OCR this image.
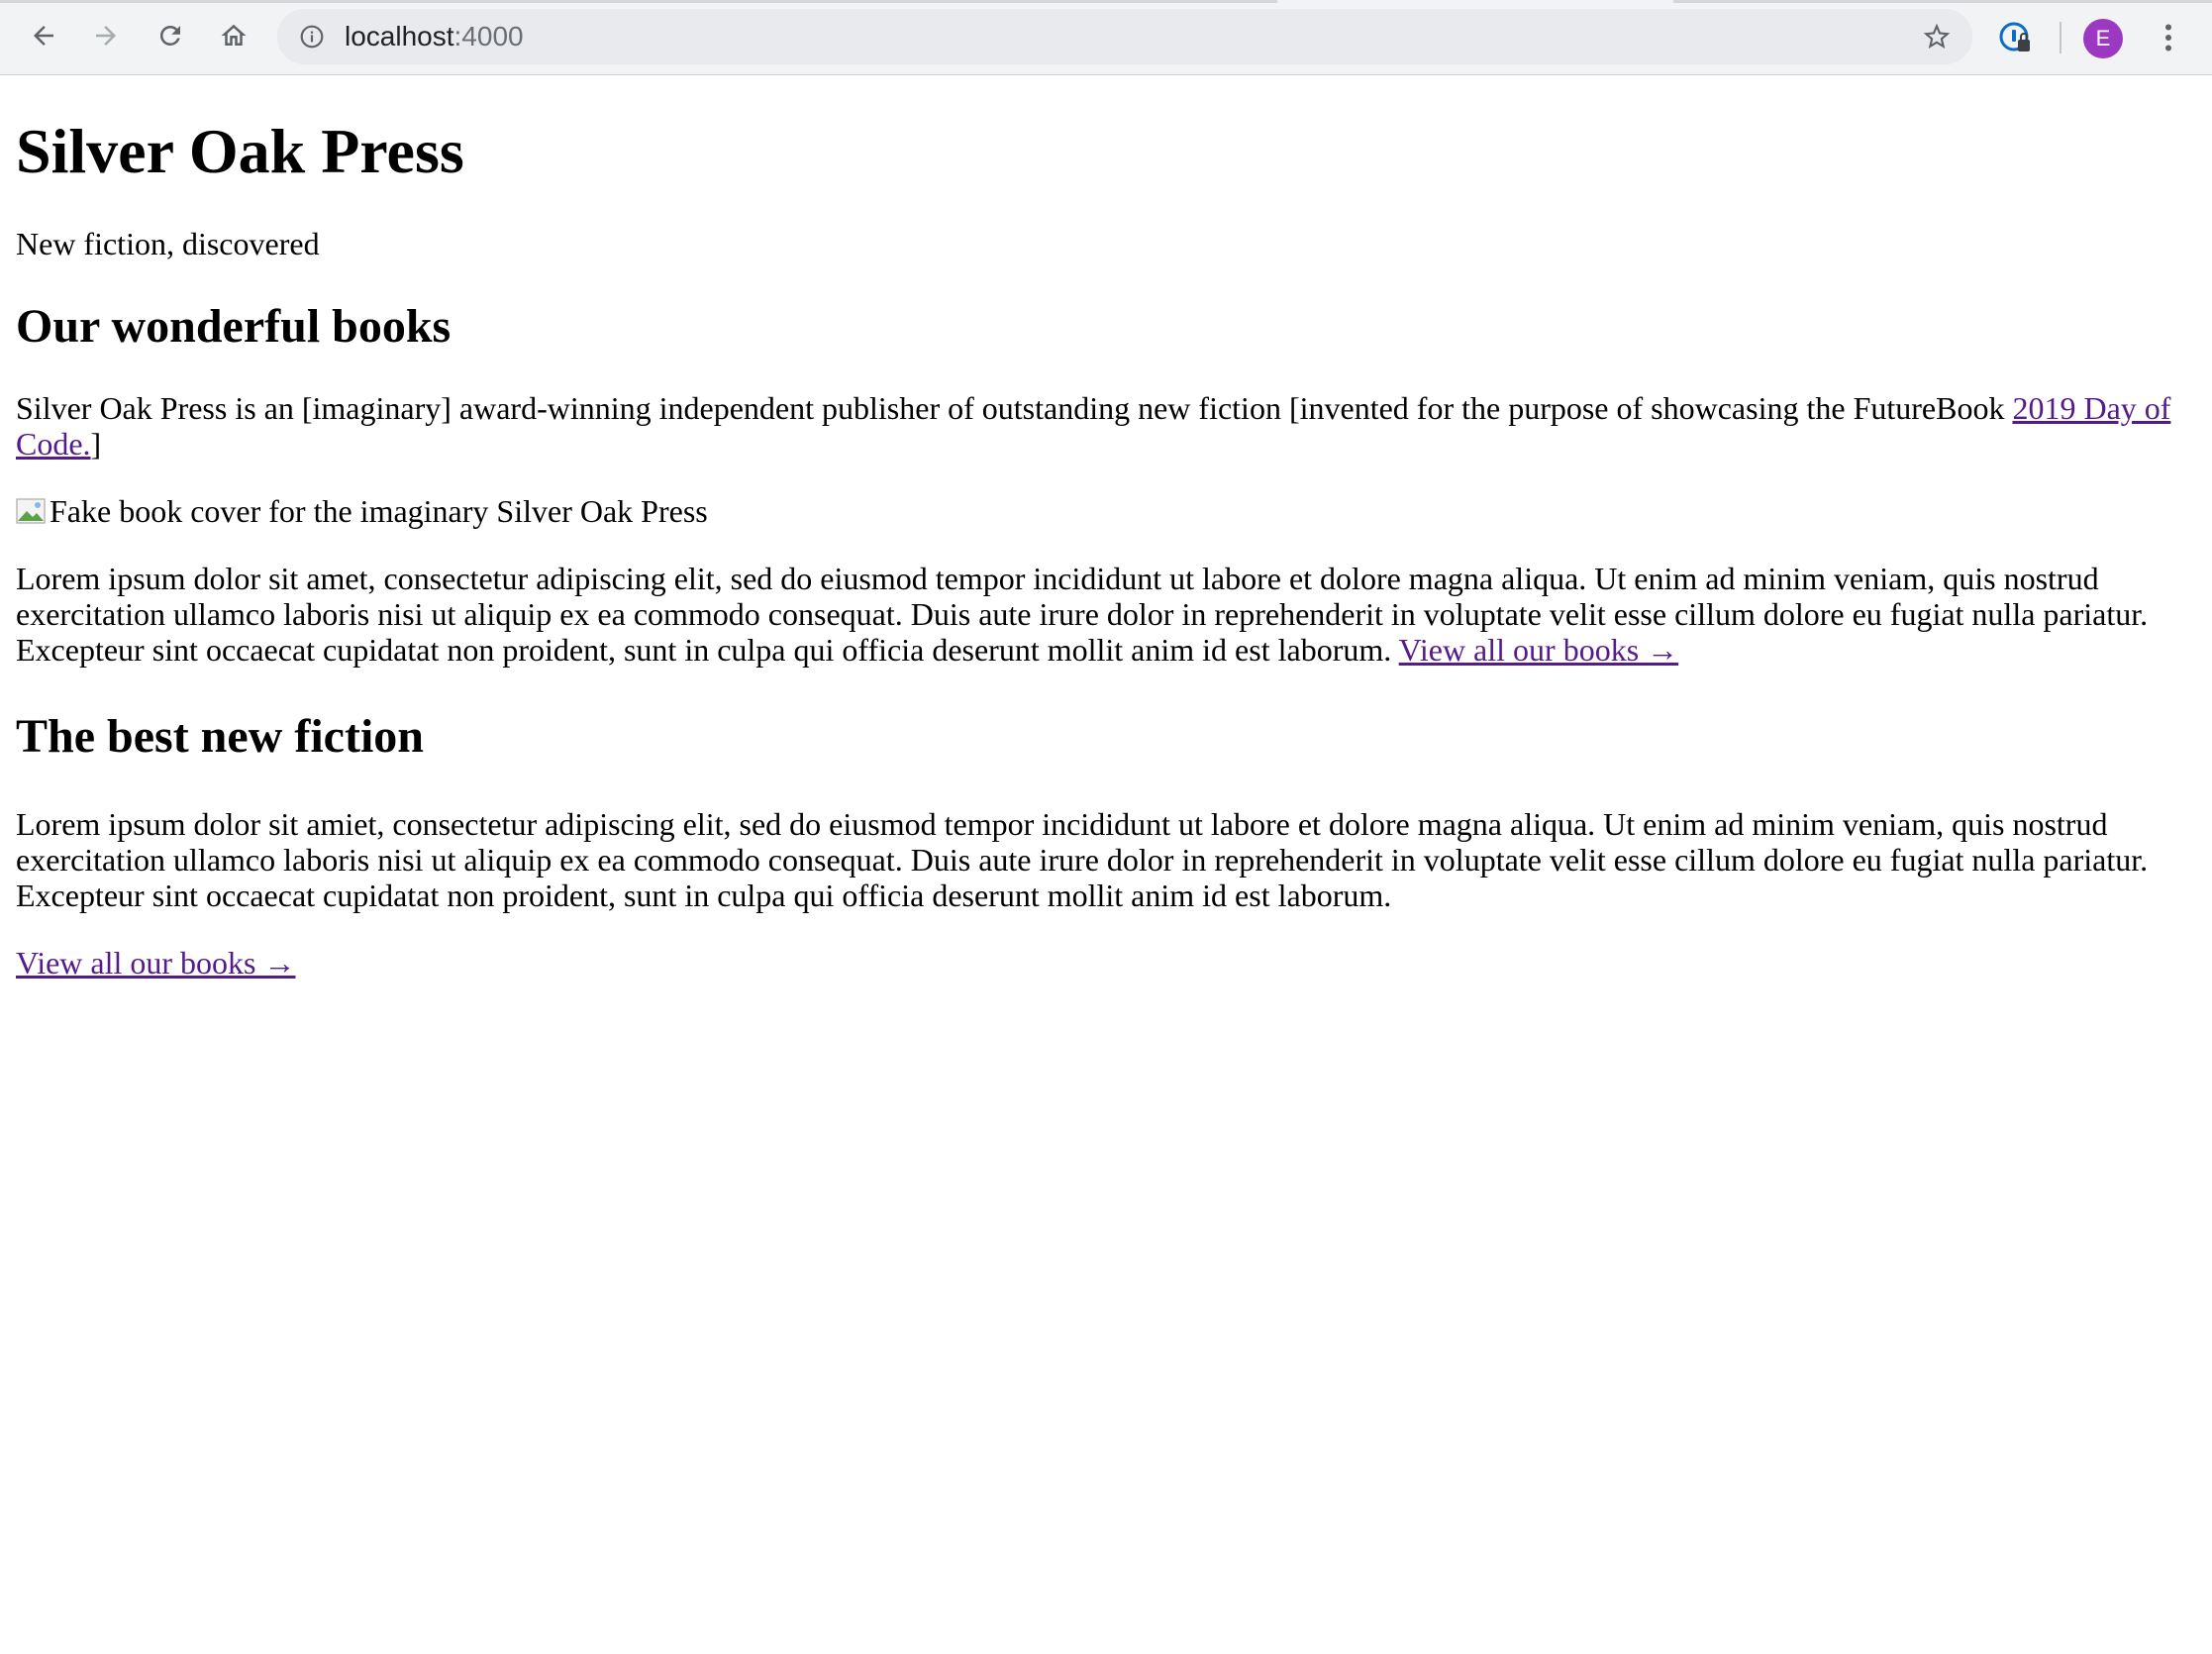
localhost:4000	E
Silver Oak Press

New fiction, discovered

Our wonderful books

Silver Oak Press is an [imaginary] award-winning independent publisher of outstanding new fiction [invented for the purpose of showcasing the FutureBook 2019 Day of Code.]

Fake book cover for the imaginary Silver Oak Press

Lorem ipsum dolor sit amet, consectetur adipiscing elit, sed do eiusmod tempor incididunt ut labore et dolore magna aliqua. Ut enim ad minim veniam, quis nostrud exercitation ullamco laboris nisi ut aliquip ex ea commodo consequat. Duis aute irure dolor in reprehenderit in voluptate velit esse cillum dolore eu fugiat nulla pariatur. Excepteur sint occaecat cupidatat non proident, sunt in culpa qui officia deserunt mollit anim id est laborum. View all our books →

The best new fiction

Lorem ipsum dolor sit amiet, consectetur adipiscing elit, sed do eiusmod tempor incididunt ut labore et dolore magna aliqua. Ut enim ad minim veniam, quis nostrud exercitation ullamco laboris nisi ut aliquip ex ea commodo consequat. Duis aute irure dolor in reprehenderit in voluptate velit esse cillum dolore eu fugiat nulla pariatur. Excepteur sint occaecat cupidatat non proident, sunt in culpa qui officia deserunt mollit anim id est laborum.

View all our books →
